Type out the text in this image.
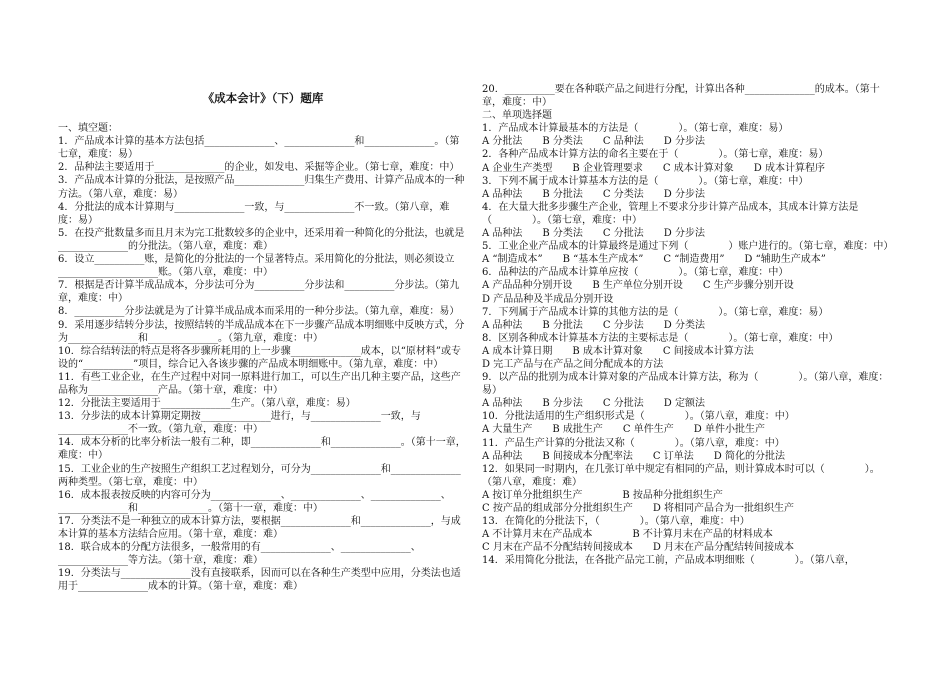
《成本会计》（下）题库
一、填空题：
1．产品成本计算的基本方法包括______________、______________和______________。（第七章，难度：易）
2．品种法主要适用于______________的企业，如发电、采掘等企业。（第七章，难度：中）
3．产品成本计算的分批法，是按照产品______________归集生产费用、计算产品成本的一种方法。（第八章，难度：易）
4．分批法的成本计算期与______________一致，与______________不一致。（第八章，难度：易）
5．在投产批数量多而且月末为完工批数较多的企业中，还采用着一种简化的分批法，也就是______________的分批法。（第八章，难度：难）
6．设立__________账，是简化的分批法的一个显著特点。采用简化的分批法，则必须设立____________________账。（第八章，难度：中）
7．根据是否计算半成品成本，分步法可分为__________分步法和__________分步法。（第九章，难度：中）
8．__________分步法就是为了计算半成品成本而采用的一种分步法。（第九章，难度：易）
9．采用逐步结转分步法，按照结转的半成品成本在下一步骤产品成本明细账中反映方式，分为______________和______________。（第九章，难度：中）
10．综合结转法的特点是将各步骤所耗用的上一步骤______________成本，以“原材料”或专设的“__________”项目，综合记入各该步骤的产品成本明细账中。（第九章，难度：中）
11．有些工业企业，在生产过程中对同一原料进行加工，可以生产出几种主要产品，这些产品称为______________产品。（第十章，难度：中）
12．分批法主要适用于______________生产。（第八章，难度：易）
13．分步法的成本计算期定期按______________进行，与______________一致，与______________不一致。（第九章，难度：中）
14．成本分析的比率分析法一般有二种，即______________和______________。（第十一章，难度：中）
15．工业企业的生产按照生产组织工艺过程划分，可分为______________和______________两种类型。（第七章，难度：中）
16．成本报表按反映的内容可分为______________、______________、______________、______________和______________。（第十一章，难度：中）
17．分类法不是一种独立的成本计算方法，要根据______________和______________，与成本计算的基本方法结合应用。（第十章，难度：难）
18．联合成本的分配方法很多，一般常用的有______________、______________、______________等方法。（第十章，难度：难）
19．分类法与______________没有直接联系，因而可以在各种生产类型中应用，分类法也适用于______________成本的计算。（第十章，难度：难）
20．__________要在各种联产品之间进行分配，计算出各种______________的成本。（第十章，难度：中）
二、单项选择题
1．产品成本计算最基本的方法是（　　　　）。（第七章，难度：易）
A 分批法　　B 分类法　　C 品种法　　D 分步法
2．各种产品成本计算方法的命名主要在于（　　　　）。（第七章，难度：易）
A 企业生产类型　　B 企业管理要求　　C 成本计算对象　　D 成本计算程序
3．下列不属于成本计算基本方法的是（　　　　）。（第七章，难度：中）
A 品种法　　B 分批法　　C 分类法　　D 分步法
4．在大量大批多步骤生产企业，管理上不要求分步计算产品成本，其成本计算方法是（　　　　）。（第七章，难度：中）
A 品种法　　B 分类法　　C 分批法　　D 分步法
5．工业企业产品成本的计算最终是通过下列（　　　　）账户进行的。（第七章，难度：中）
A “制造成本”　　B “基本生产成本”　　C “制造费用”　　D “辅助生产成本”
6．品种法的产品成本计算单应按（　　　　）。（第七章，难度：中）
A 产品品种分别开设　　B 生产单位分别开设　　C 生产步骤分别开设
D 产品品种及半成品分别开设
7．下列属于产品成本计算的其他方法的是（　　　　）。（第七章，难度：易）
A 品种法　　B 分批法　　C 分步法　　D 分类法
8．区别各种成本计算基本方法的主要标志是（　　　　）。（第七章，难度：中）
A 成本计算日期　　B 成本计算对象　　C 间接成本计算方法
D 完工产品与在产品之间分配成本的方法
9．以产品的批别为成本计算对象的产品成本计算方法，称为（　　　　）。（第八章，难度：易）
A 品种法　　B 分步法　　C 分批法　　D 定额法
10．分批法适用的生产组织形式是（　　　　）。（第八章，难度：中）
A 大量生产　　B 成批生产　　C 单件生产　　D 单件小批生产
11．产品生产计算的分批法又称（　　　　）。（第八章，难度：中）
A 品种法　　B 间接成本分配率法　　C 订单法　　D 简化的分批法
12．如果同一时期内，在几张订单中规定有相同的产品，则计算成本时可以（　　　　）。（第八章，难度：难）
A 按订单分批组织生产　　　　B 按品种分批组织生产
C 按产品的组成部分分批组织生产　　D 将相同产品合为一批组织生产
13．在简化的分批法下，（　　　　）。（第八章，难度：中）
A 不计算月末在产品成本　　　　B 不计算月末在产品的材料成本
C 月末在产品不分配结转间接成本　　D 月末在产品分配结转间接成本
14．采用简化分批法，在各批产品完工前，产品成本明细账（　　　　）。（第八章，
